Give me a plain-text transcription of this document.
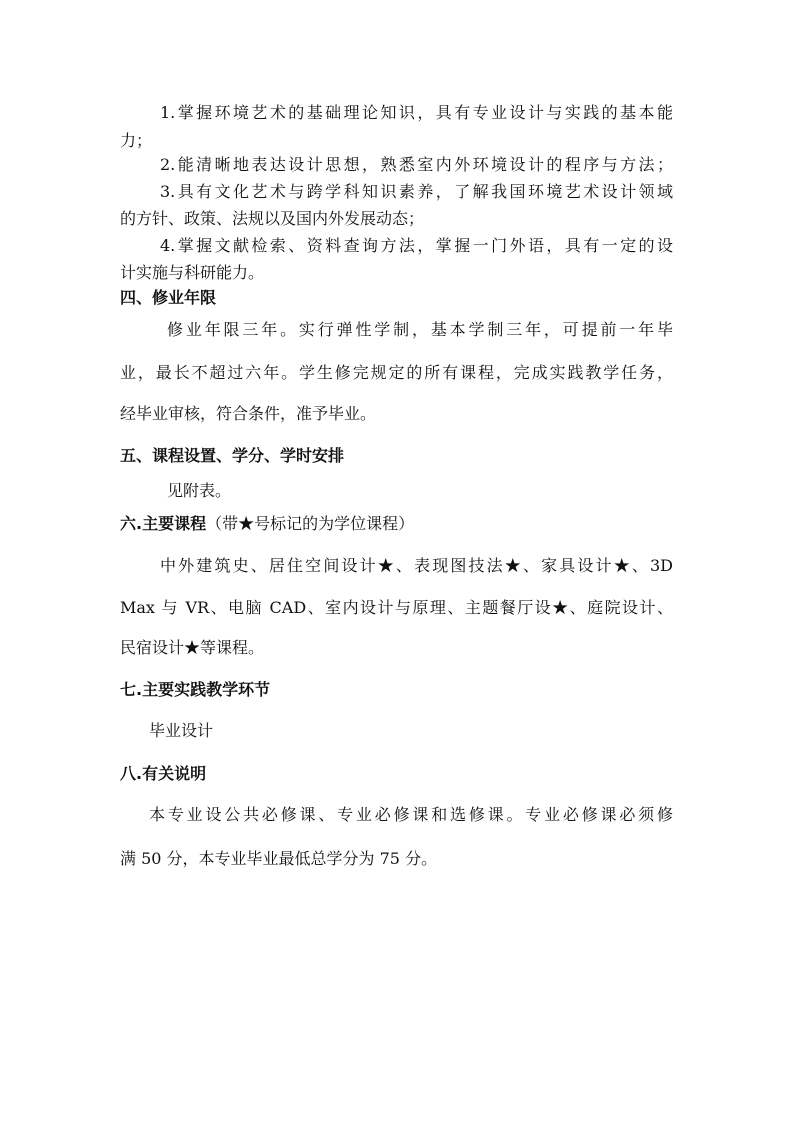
1.掌握环境艺术的基础理论知识，具有专业设计与实践的基本能
力；
2.能清晰地表达设计思想，熟悉室内外环境设计的程序与方法；
3.具有文化艺术与跨学科知识素养，了解我国环境艺术设计领域
的方针、政策、法规以及国内外发展动态；
4.掌握文献检索、资料查询方法，掌握一门外语，具有一定的设
计实施与科研能力。
四、修业年限
修业年限三年。实行弹性学制，基本学制三年，可提前一年毕
业，最长不超过六年。学生修完规定的所有课程，完成实践教学任务，
经毕业审核，符合条件，准予毕业。
五、课程设置、学分、学时安排
见附表。
六.主要课程（带★号标记的为学位课程）
中外建筑史、居住空间设计★、表现图技法★、家具设计★、3D
Max 与 VR、电脑 CAD、室内设计与原理、主题餐厅设★、庭院设计、
民宿设计★等课程。
七.主要实践教学环节
毕业设计
八.有关说明
本专业设公共必修课、专业必修课和选修课。专业必修课必须修
满 50 分，本专业毕业最低总学分为 75 分。
